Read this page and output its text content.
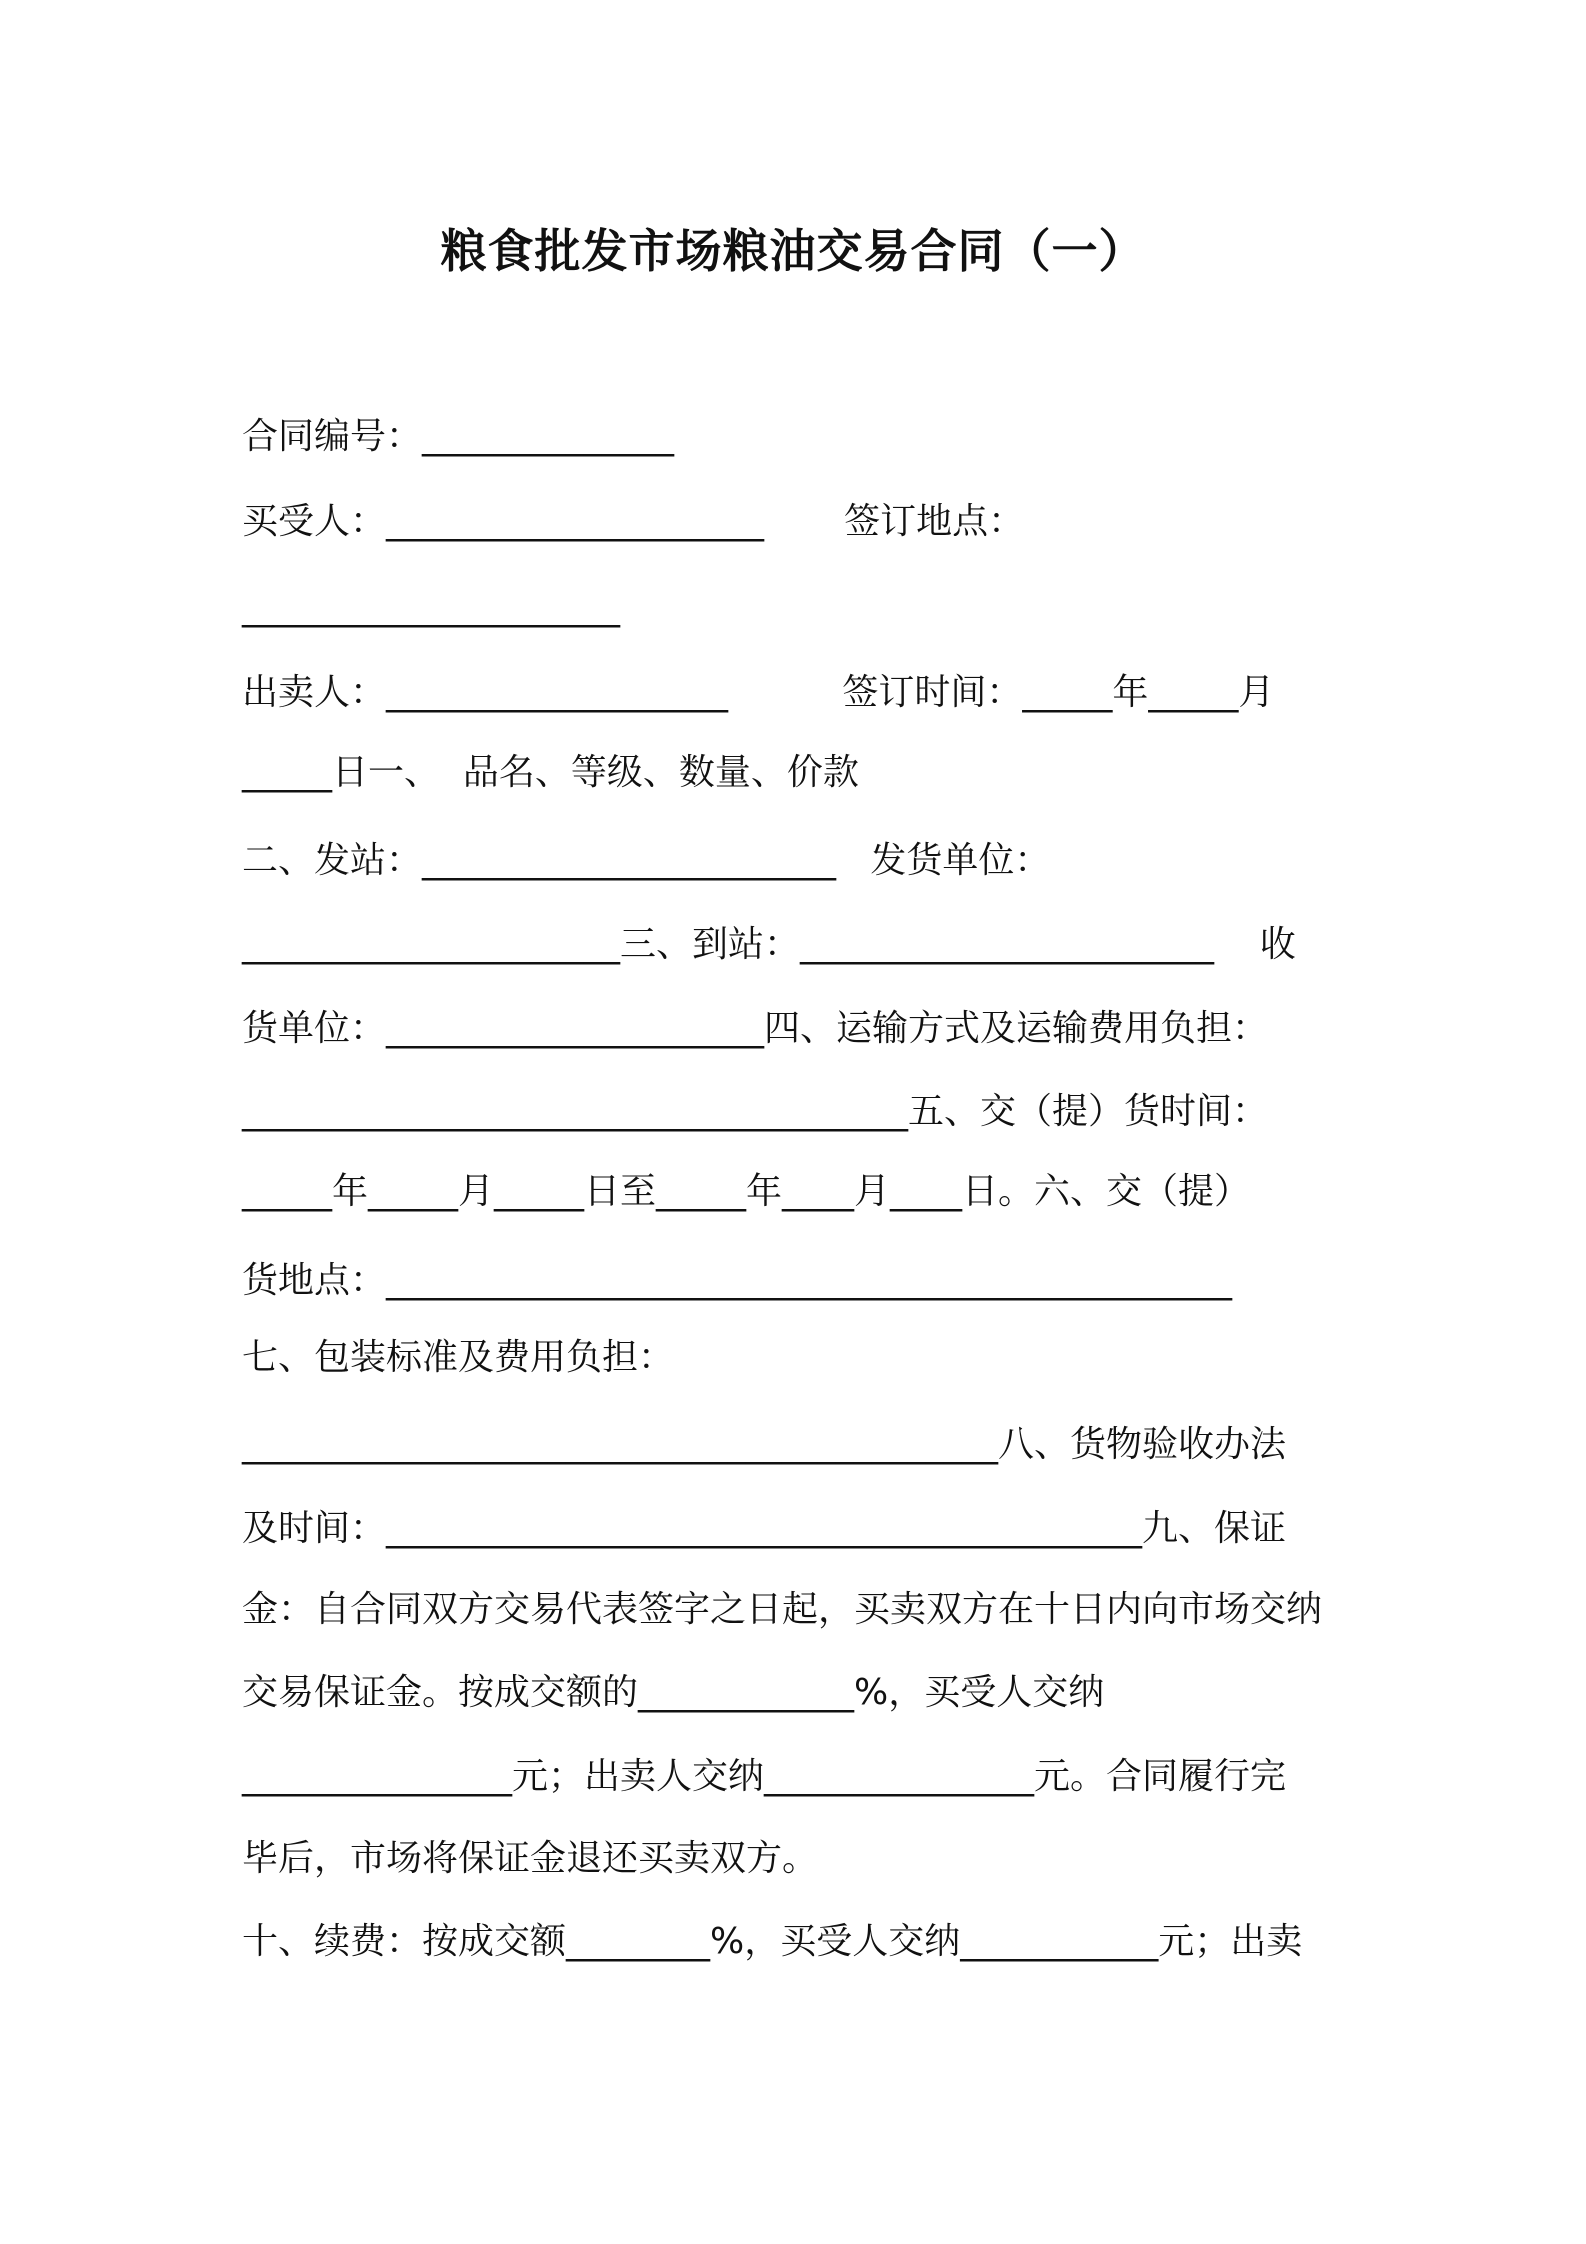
粮食批发市场粮油交易合同（一）
合同编号：______________
买受人：_____________________       签订地点：
_____________________
出卖人：___________________          签订时间：_____年_____月
_____日一、  品名、等级、数量、价款
二、发站：_______________________   发货单位：
_____________________三、到站：_______________________    收
货单位：_____________________四、运输方式及运输费用负担：
_____________________________________五、交（提）货时间：
_____年_____月_____日至_____年____月____日。六、交（提）
货地点：_______________________________________________
七、包装标准及费用负担：
__________________________________________八、货物验收办法
及时间：__________________________________________九、保证
金：自合同双方交易代表签字之日起，买卖双方在十日内向市场交纳
交易保证金。按成交额的____________%，买受人交纳
_______________元；出卖人交纳_______________元。合同履行完
毕后，市场将保证金退还买卖双方。
十、续费：按成交额________%，买受人交纳___________元；出卖
